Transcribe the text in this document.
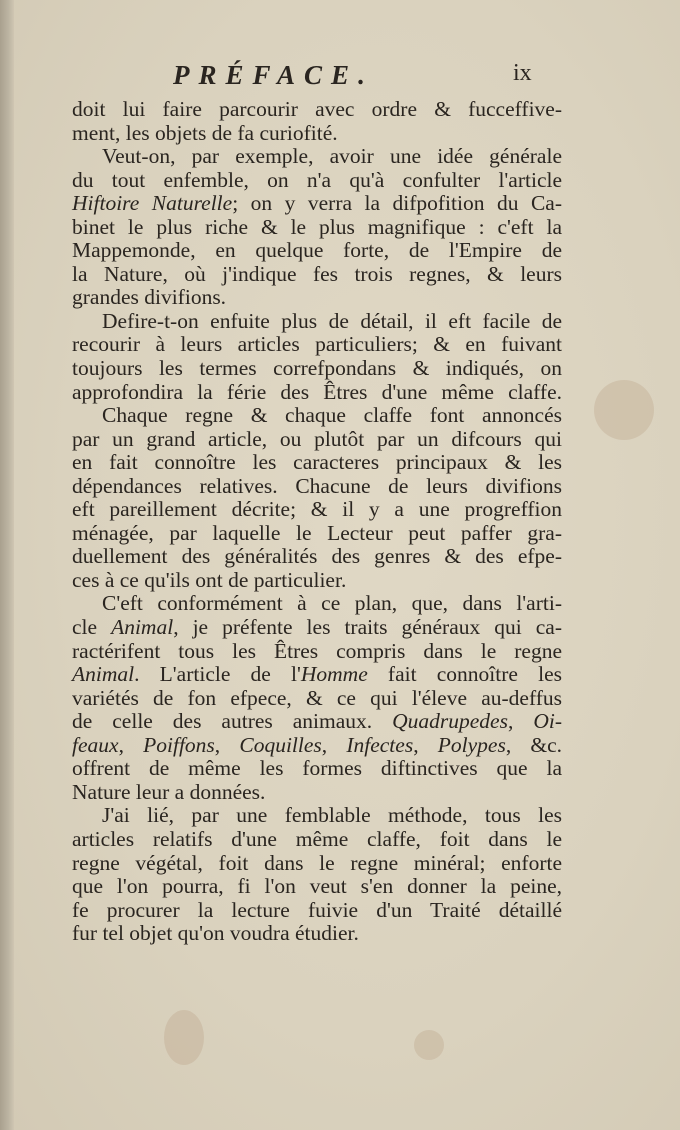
PRÉFACE.	ix
doit lui faire parcourir avec ordre & fucceffive-
ment, les objets de fa curiofité.
Veut-on, par exemple, avoir une idée générale
du tout enfemble, on n'a qu'à confulter l'article
Hiftoire Naturelle; on y verra la difpofition du Ca-
binet le plus riche & le plus magnifique : c'eft la
Mappemonde, en quelque forte, de l'Empire de
la Nature, où j'indique fes trois regnes, & leurs
grandes divifions.
Defire-t-on enfuite plus de détail, il eft facile de
recourir à leurs articles particuliers; & en fuivant
toujours les termes correfpondans & indiqués, on
approfondira la férie des Êtres d'une même claffe.
Chaque regne & chaque claffe font annoncés
par un grand article, ou plutôt par un difcours qui
en fait connoître les caracteres principaux & les
dépendances relatives. Chacune de leurs divifions
eft pareillement décrite; & il y a une progreffion
ménagée, par laquelle le Lecteur peut paffer gra-
duellement des généralités des genres & des efpe-
ces à ce qu'ils ont de particulier.
C'eft conformément à ce plan, que, dans l'arti-
cle Animal, je préfente les traits généraux qui ca-
ractérifent tous les Êtres compris dans le regne
Animal. L'article de l'Homme fait connoître les
variétés de fon efpece, & ce qui l'éleve au-deffus
de celle des autres animaux. Quadrupedes, Oi-
feaux, Poiffons, Coquilles, Infectes, Polypes, &c.
offrent de même les formes diftinctives que la
Nature leur a données.
J'ai lié, par une femblable méthode, tous les
articles relatifs d'une même claffe, foit dans le
regne végétal, foit dans le regne minéral; enforte
que l'on pourra, fi l'on veut s'en donner la peine,
fe procurer la lecture fuivie d'un Traité détaillé
fur tel objet qu'on voudra étudier.
